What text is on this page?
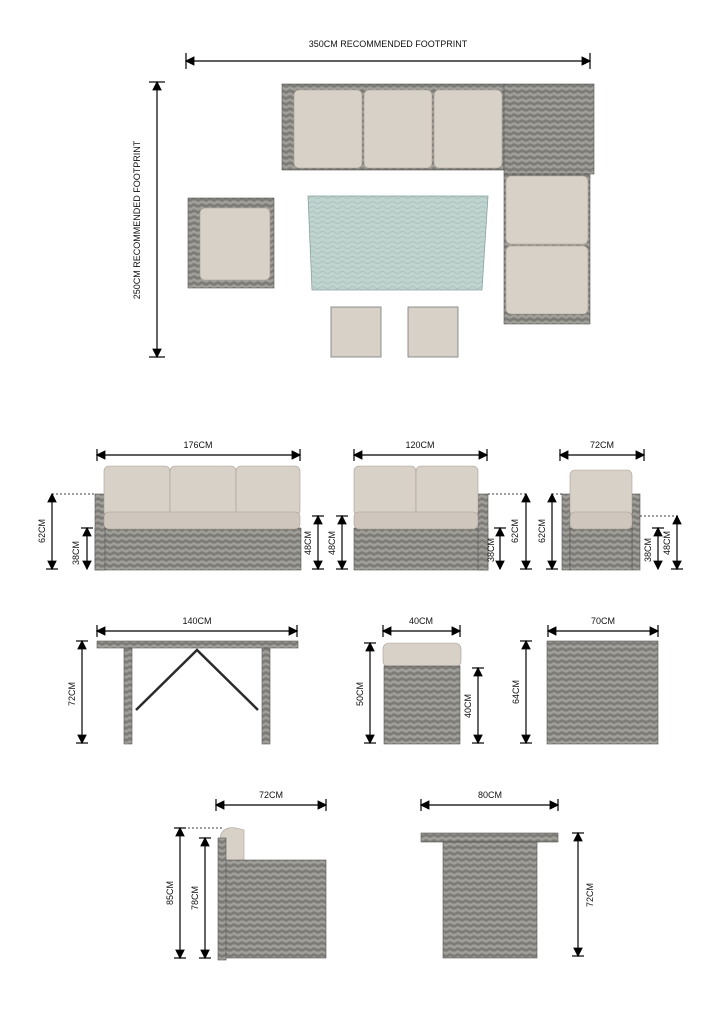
350CM RECOMMENDED FOOTPRINT
250CM RECOMMENDED FOOTPRINT
176CM
62CM
38CM	48CM
120CM
48CM	38CM
62CM
72CM
62CM
38CM 48CM
140CM
72CM
40CM
50CM	40CM
70CM
64CM
72CM
85CM 78CM
80CM
72CM
